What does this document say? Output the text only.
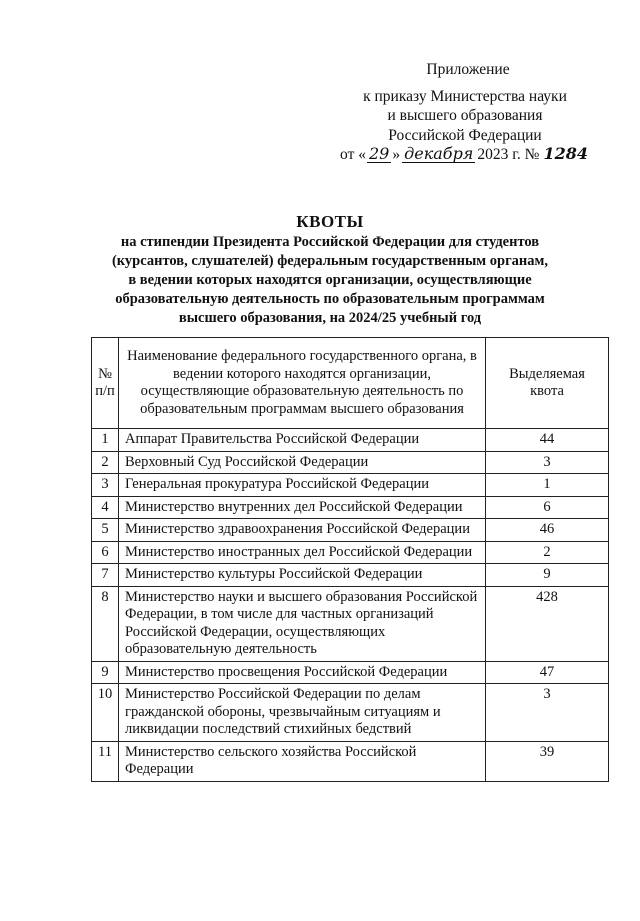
Приложение
к приказу Министерства науки
и высшего образования
Российской Федерации
от « 29 » декабря 2023 г. № 1284
КВОТЫ
на стипендии Президента Российской Федерации для студентов
(курсантов, слушателей) федеральным государственным органам,
в ведении которых находятся организации, осуществляющие
образовательную деятельность по образовательным программам
высшего образования, на 2024/25 учебный год
№ п/п	Наименование федерального государственного органа, в ведении которого находятся организации, осуществляющие образовательную деятельность по образовательным программам высшего образования	Выделяемая квота
1	Аппарат Правительства Российской Федерации	44
2	Верховный Суд Российской Федерации	3
3	Генеральная прокуратура Российской Федерации	1
4	Министерство внутренних дел Российской Федерации	6
5	Министерство здравоохранения Российской Федерации	46
6	Министерство иностранных дел Российской Федерации	2
7	Министерство культуры Российской Федерации	9
8	Министерство науки и высшего образования Российской Федерации, в том числе для частных организаций Российской Федерации, осуществляющих образовательную деятельность	428
9	Министерство просвещения Российской Федерации	47
10	Министерство Российской Федерации по делам гражданской обороны, чрезвычайным ситуациям и ликвидации последствий стихийных бедствий	3
11	Министерство сельского хозяйства Российской Федерации	39
